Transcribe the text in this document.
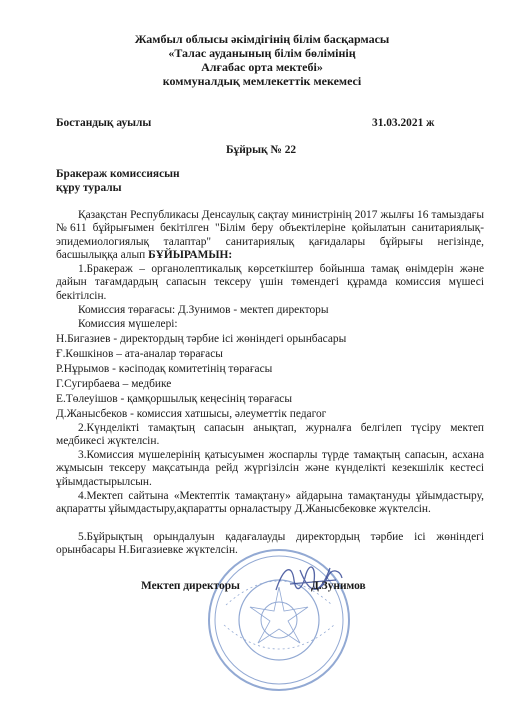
Жамбыл облысы әкімдігінің білім басқармасы
«Талас ауданының білім бөлімінің
Алғабас орта мектебі»
коммуналдық мемлекеттік мекемесі
Бостандық ауылы	31.03.2021 ж
Бұйрық № 22
Бракераж комиссиясын
құру туралы
Қазақстан Республикасы Денсаулық сақтау министрінің 2017 жылғы 16 тамыздағы №611 бұйрығымен бекітілген "Білім беру объектілеріне қойылатын санитариялық-эпидемиологиялық талаптар" санитариялық қағидалары бұйрығы негізінде, басшылыққа алып БҰЙЫРАМЫН:
1.Бракераж – органолептикалық көрсеткіштер бойынша тамақ өнімдерін және дайын тағамдардың сапасын тексеру үшін төмендегі құрамда комиссия мүшесі бекітілсін.
Комиссия төрағасы: Д.Зунимов - мектеп директоры
Комиссия мүшелері:
Н.Бигазиев - директордың тәрбие ісі жөніндегі орынбасары
Ғ.Көшкінов – ата-аналар төрағасы
Р.Нұрымов - кәсіподақ комитетінің төрағасы
Г.Сугирбаева – медбике
Е.Төлеуішов - қамқоршылық кеңесінің төрағасы
Д.Жанысбеков - комиссия хатшысы, әлеуметтік педагог
2.Күнделікті тамақтың сапасын анықтап, журналға белгілеп түсіру мектеп медбикесі жүктелсін.
3.Комиссия мүшелерінің қатысуымен жоспарлы түрде тамақтың сапасын, асхана жұмысын тексеру мақсатында рейд жүргізілсін және күнделікті кезекшілік кестесі ұйымдастырылсын.
4.Мектеп сайтына «Мектептік тамақтану» айдарына тамақтануды ұйымдастыру, ақпаратты ұйымдастыру,ақпаратты орналастыру Д.Жанысбековке жүктелсін.
5.Бұйрықтың орындалуын қадағалауды директордың тәрбие ісі жөніндегі орынбасары Н.Бигазиевке жүктелсін.
Мектеп директоры	Д.Зунимов
